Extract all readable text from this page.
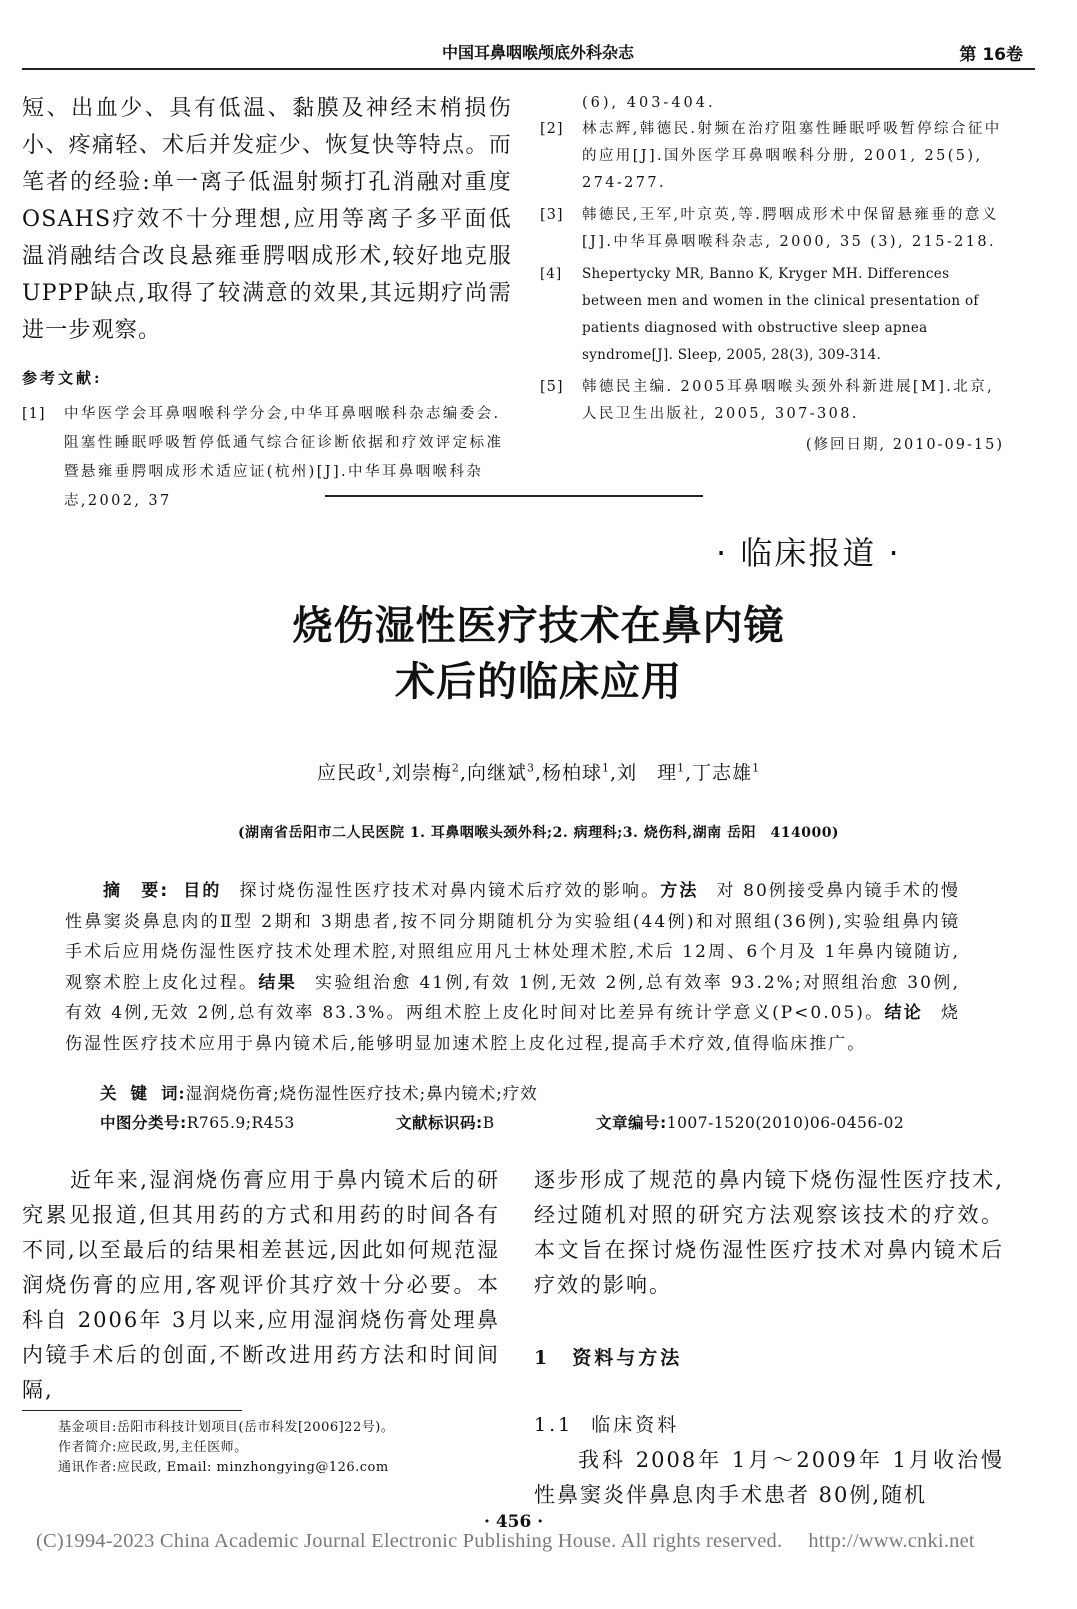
中国耳鼻咽喉颅底外科杂志	第 16卷

短、出血少、具有低温、黏膜及神经末梢损伤小、疼痛轻、术后并发症少、恢复快等特点。而笔者的经验:单一离子低温射频打孔消融对重度 OSAHS疗效不十分理想,应用等离子多平面低温消融结合改良悬雍垂腭咽成形术,较好地克服 UPPP缺点,取得了较满意的效果,其远期疗尚需进一步观察。

参考文献:

[1] 中华医学会耳鼻咽喉科学分会,中华耳鼻咽喉科杂志编委会.阻塞性睡眠呼吸暂停低通气综合征诊断依据和疗效评定标准暨悬雍垂腭咽成形术适应证(杭州)[J].中华耳鼻咽喉科杂志,2002, 37

(6), 403-404.

[2] 林志辉,韩德民.射频在治疗阻塞性睡眠呼吸暂停综合征中的应用[J].国外医学耳鼻咽喉科分册, 2001, 25(5), 274-277.

[3] 韩德民,王军,叶京英,等.腭咽成形术中保留悬雍垂的意义[J].中华耳鼻咽喉科杂志, 2000, 35 (3), 215-218.

[4] Shepertycky MR, Banno K, Kryger MH. Differences between men and women in the clinical presentation of patients diagnosed with obstructive sleep apnea syndrome[J]. Sleep, 2005, 28(3), 309-314.

[5] 韩德民主编. 2005耳鼻咽喉头颈外科新进展[M].北京,人民卫生出版社, 2005, 307-308.

(修回日期, 2010-09-15)
· 临床报道 ·
烧伤湿性医疗技术在鼻内镜
术后的临床应用
应民政$^1$,刘崇梅$^2$,向继斌$^3$,杨柏球$^1$,刘　理$^1$,丁志雄$^1$
(湖南省岳阳市二人民医院 1. 耳鼻咽喉头颈外科;2. 病理科;3. 烧伤科,湖南 岳阳　414000)
摘　要: 目的 探讨烧伤湿性医疗技术对鼻内镜术后疗效的影响。方法 对 80例接受鼻内镜手术的慢性鼻窦炎鼻息肉的Ⅱ型 2期和 3期患者,按不同分期随机分为实验组(44例)和对照组(36例),实验组鼻内镜手术后应用烧伤湿性医疗技术处理术腔,对照组应用凡士林处理术腔,术后 12周、6个月及 1年鼻内镜随访,观察术腔上皮化过程。结果 实验组治愈 41例,有效 1例,无效 2例,总有效率 93.2%;对照组治愈 30例,有效 4例,无效 2例,总有效率 83.3%。两组术腔上皮化时间对比差异有统计学意义(P<0.05)。结论 烧伤湿性医疗技术应用于鼻内镜术后,能够明显加速术腔上皮化过程,提高手术疗效,值得临床推广。
关键词:湿润烧伤膏;烧伤湿性医疗技术;鼻内镜术;疗效
中图分类号:R765.9;R453	文献标识码:B	文章编号:1007-1520(2010)06-0456-02

近年来,湿润烧伤膏应用于鼻内镜术后的研究累见报道,但其用药的方式和用药的时间各有不同,以至最后的结果相差甚远,因此如何规范湿润烧伤膏的应用,客观评价其疗效十分必要。本科自 2006年 3月以来,应用湿润烧伤膏处理鼻内镜手术后的创面,不断改进用药方法和时间间隔,

逐步形成了规范的鼻内镜下烧伤湿性医疗技术,经过随机对照的研究方法观察该技术的疗效。本文旨在探讨烧伤湿性医疗技术对鼻内镜术后疗效的影响。

1 资料与方法
1.1 临床资料

我科 2008年 1月～2009年 1月收治慢性鼻窦炎伴鼻息肉手术患者 80例,随机

基金项目:岳阳市科技计划项目(岳市科发[2006]22号)。
作者简介:应民政,男,主任医师。
通讯作者:应民政, Email: minzhongying@126.com
· 456 ·
(C)1994-2023 China Academic Journal Electronic Publishing House. All rights reserved.　 http://www.cnki.net
